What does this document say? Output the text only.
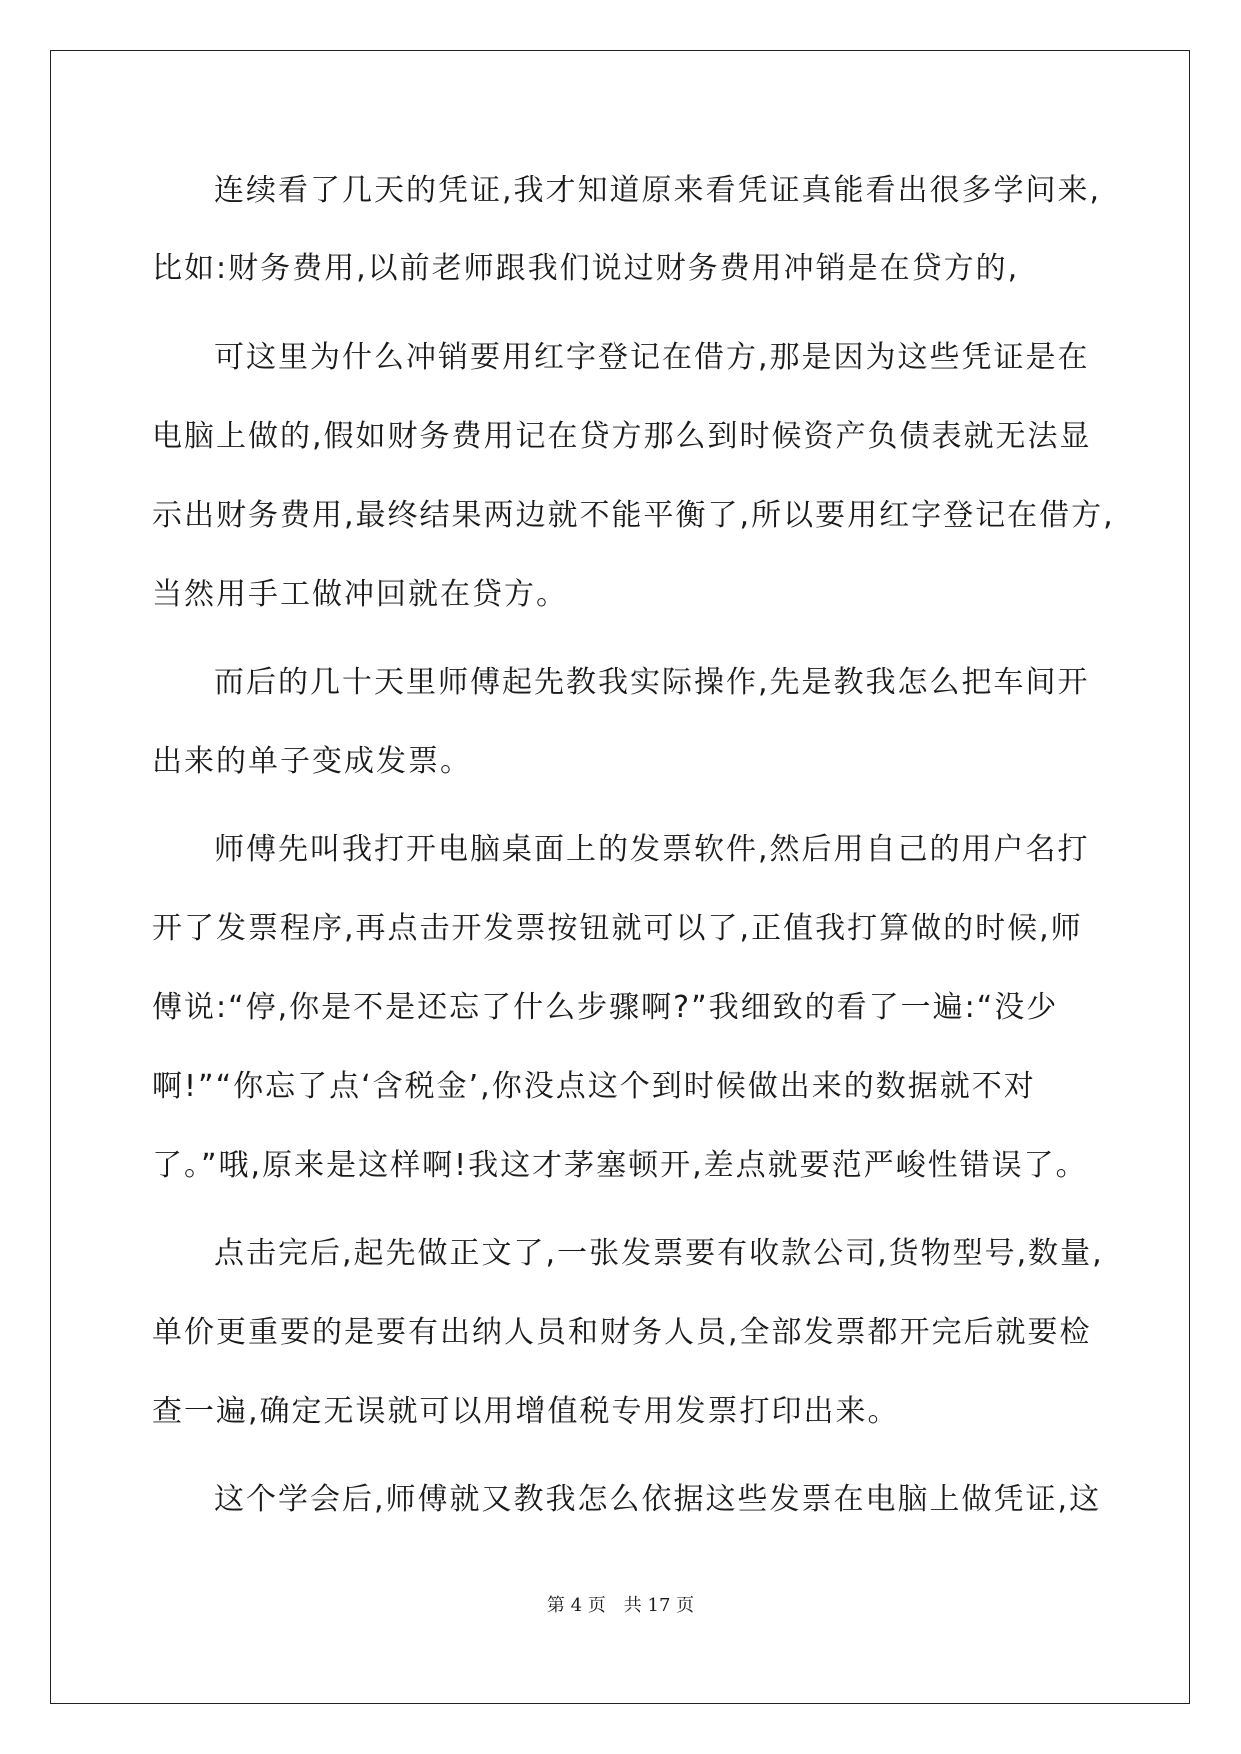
连续看了几天的凭证,我才知道原来看凭证真能看出很多学问来,
比如:财务费用,以前老师跟我们说过财务费用冲销是在贷方的,
可这里为什么冲销要用红字登记在借方,那是因为这些凭证是在
电脑上做的,假如财务费用记在贷方那么到时候资产负债表就无法显
示出财务费用,最终结果两边就不能平衡了,所以要用红字登记在借方,
当然用手工做冲回就在贷方。
而后的几十天里师傅起先教我实际操作,先是教我怎么把车间开
出来的单子变成发票。
师傅先叫我打开电脑桌面上的发票软件,然后用自己的用户名打
开了发票程序,再点击开发票按钮就可以了,正值我打算做的时候,师
傅说:“停,你是不是还忘了什么步骤啊?”我细致的看了一遍:“没少
啊!”“你忘了点‘含税金’,你没点这个到时候做出来的数据就不对
了。”哦,原来是这样啊!我这才茅塞顿开,差点就要范严峻性错误了。
点击完后,起先做正文了,一张发票要有收款公司,货物型号,数量,
单价更重要的是要有出纳人员和财务人员,全部发票都开完后就要检
查一遍,确定无误就可以用增值税专用发票打印出来。
这个学会后,师傅就又教我怎么依据这些发票在电脑上做凭证,这
第 4 页　共 17 页
